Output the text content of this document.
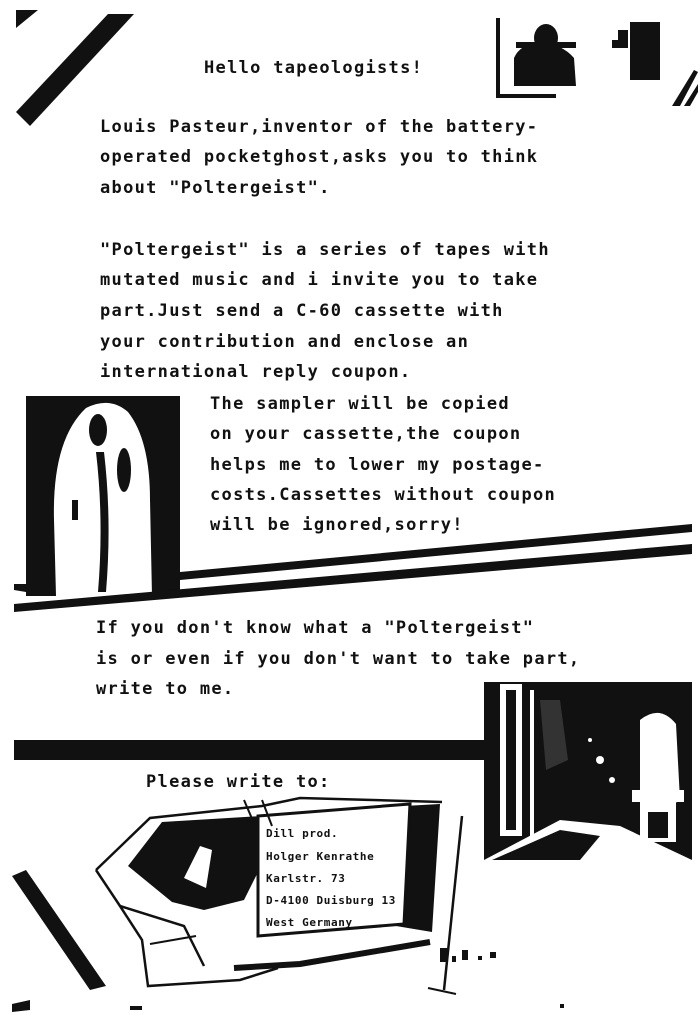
Hello tapeologists!
Louis Pasteur,inventor of the battery-
operated pocketghost,asks you to think
about "Poltergeist".
"Poltergeist" is a series of tapes with
mutated music and i invite you to take
part.Just send a C-60 cassette with
your contribution and enclose an
international reply coupon.
The sampler will be copied
on your cassette,the coupon
helps me to lower my postage-
costs.Cassettes without coupon
will be ignored,sorry!
If you don't know what a "Poltergeist"
is or even if you don't want to take part,
write to me.
Please write to:
Dill prod.
Holger Kenrathe
Karlstr. 73
D-4100 Duisburg 13
West Germany
